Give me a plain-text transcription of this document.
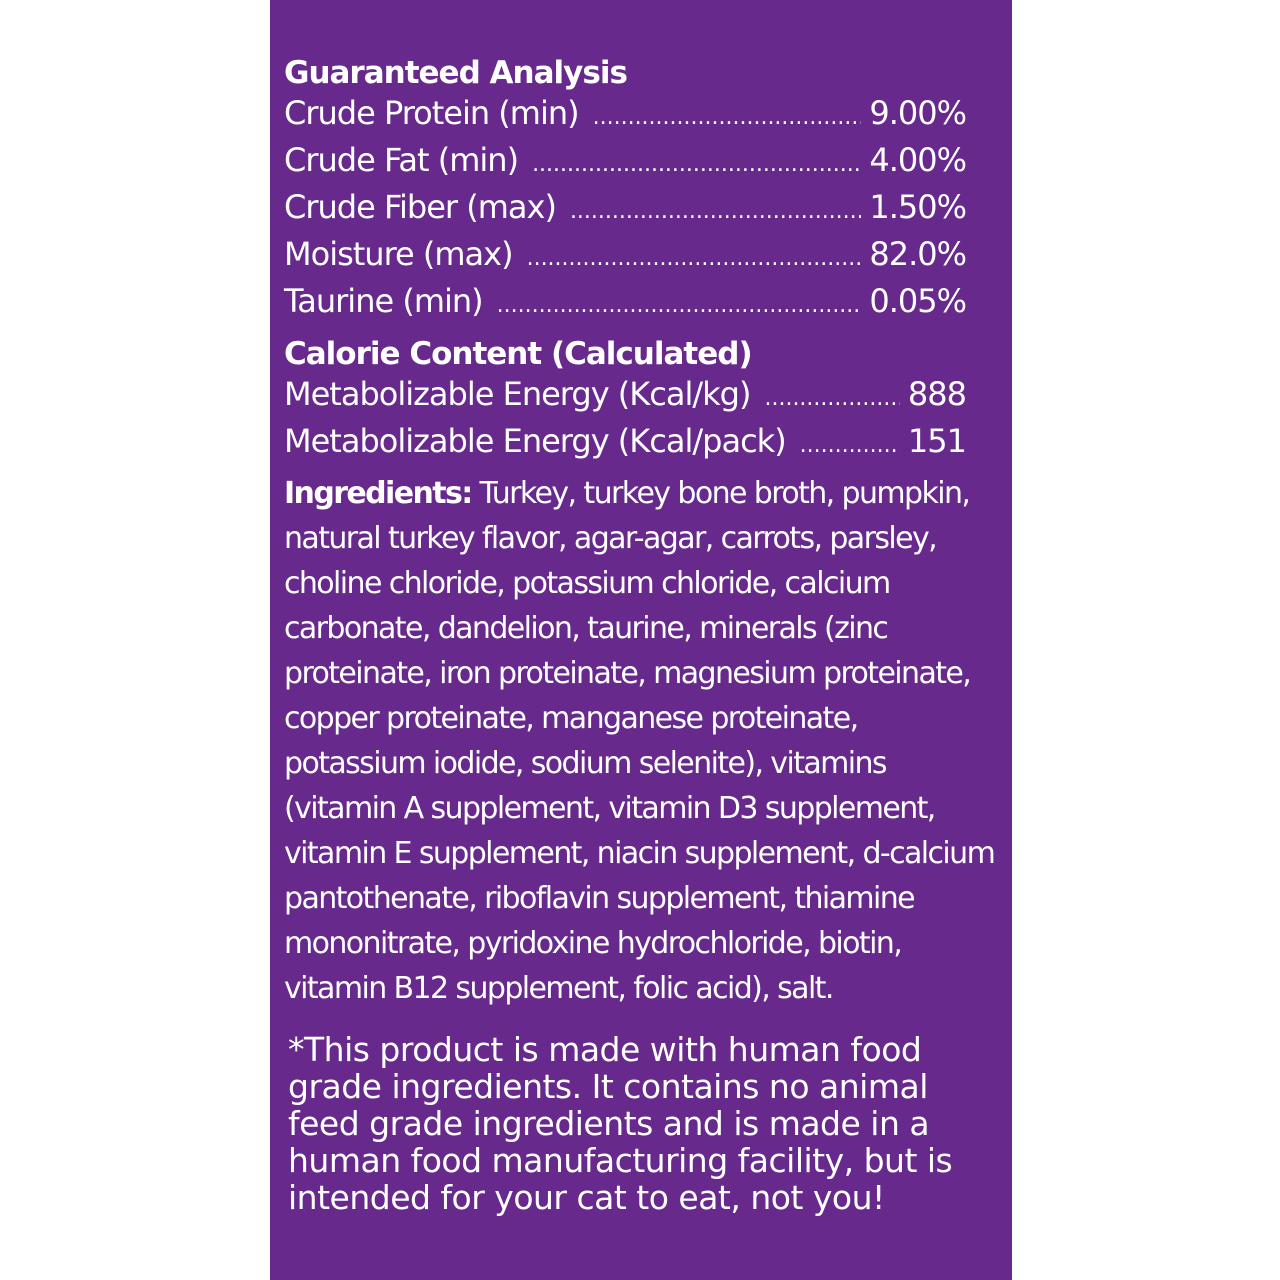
Guaranteed Analysis
Crude Protein (min) .....	9.00%
Crude Fat (min) .....	4.00%
Crude Fiber (max) .....	1.50%
Moisture (max) .....	82.0%
Taurine (min) .....	0.05%
Calorie Content (Calculated)
Metabolizable Energy (Kcal/kg) .....	888
Metabolizable Energy (Kcal/pack) .....	151
Ingredients: Turkey, turkey bone broth, pumpkin, natural turkey flavor, agar-agar, carrots, parsley, choline chloride, potassium chloride, calcium carbonate, dandelion, taurine, minerals (zinc proteinate, iron proteinate, magnesium proteinate, copper proteinate, manganese proteinate, potassium iodide, sodium selenite), vitamins (vitamin A supplement, vitamin D3 supplement, vitamin E supplement, niacin supplement, d-calcium pantothenate, riboflavin supplement, thiamine mononitrate, pyridoxine hydrochloride, biotin, vitamin B12 supplement, folic acid), salt.
*This product is made with human food grade ingredients. It contains no animal feed grade ingredients and is made in a human food manufacturing facility, but is intended for your cat to eat, not you!
